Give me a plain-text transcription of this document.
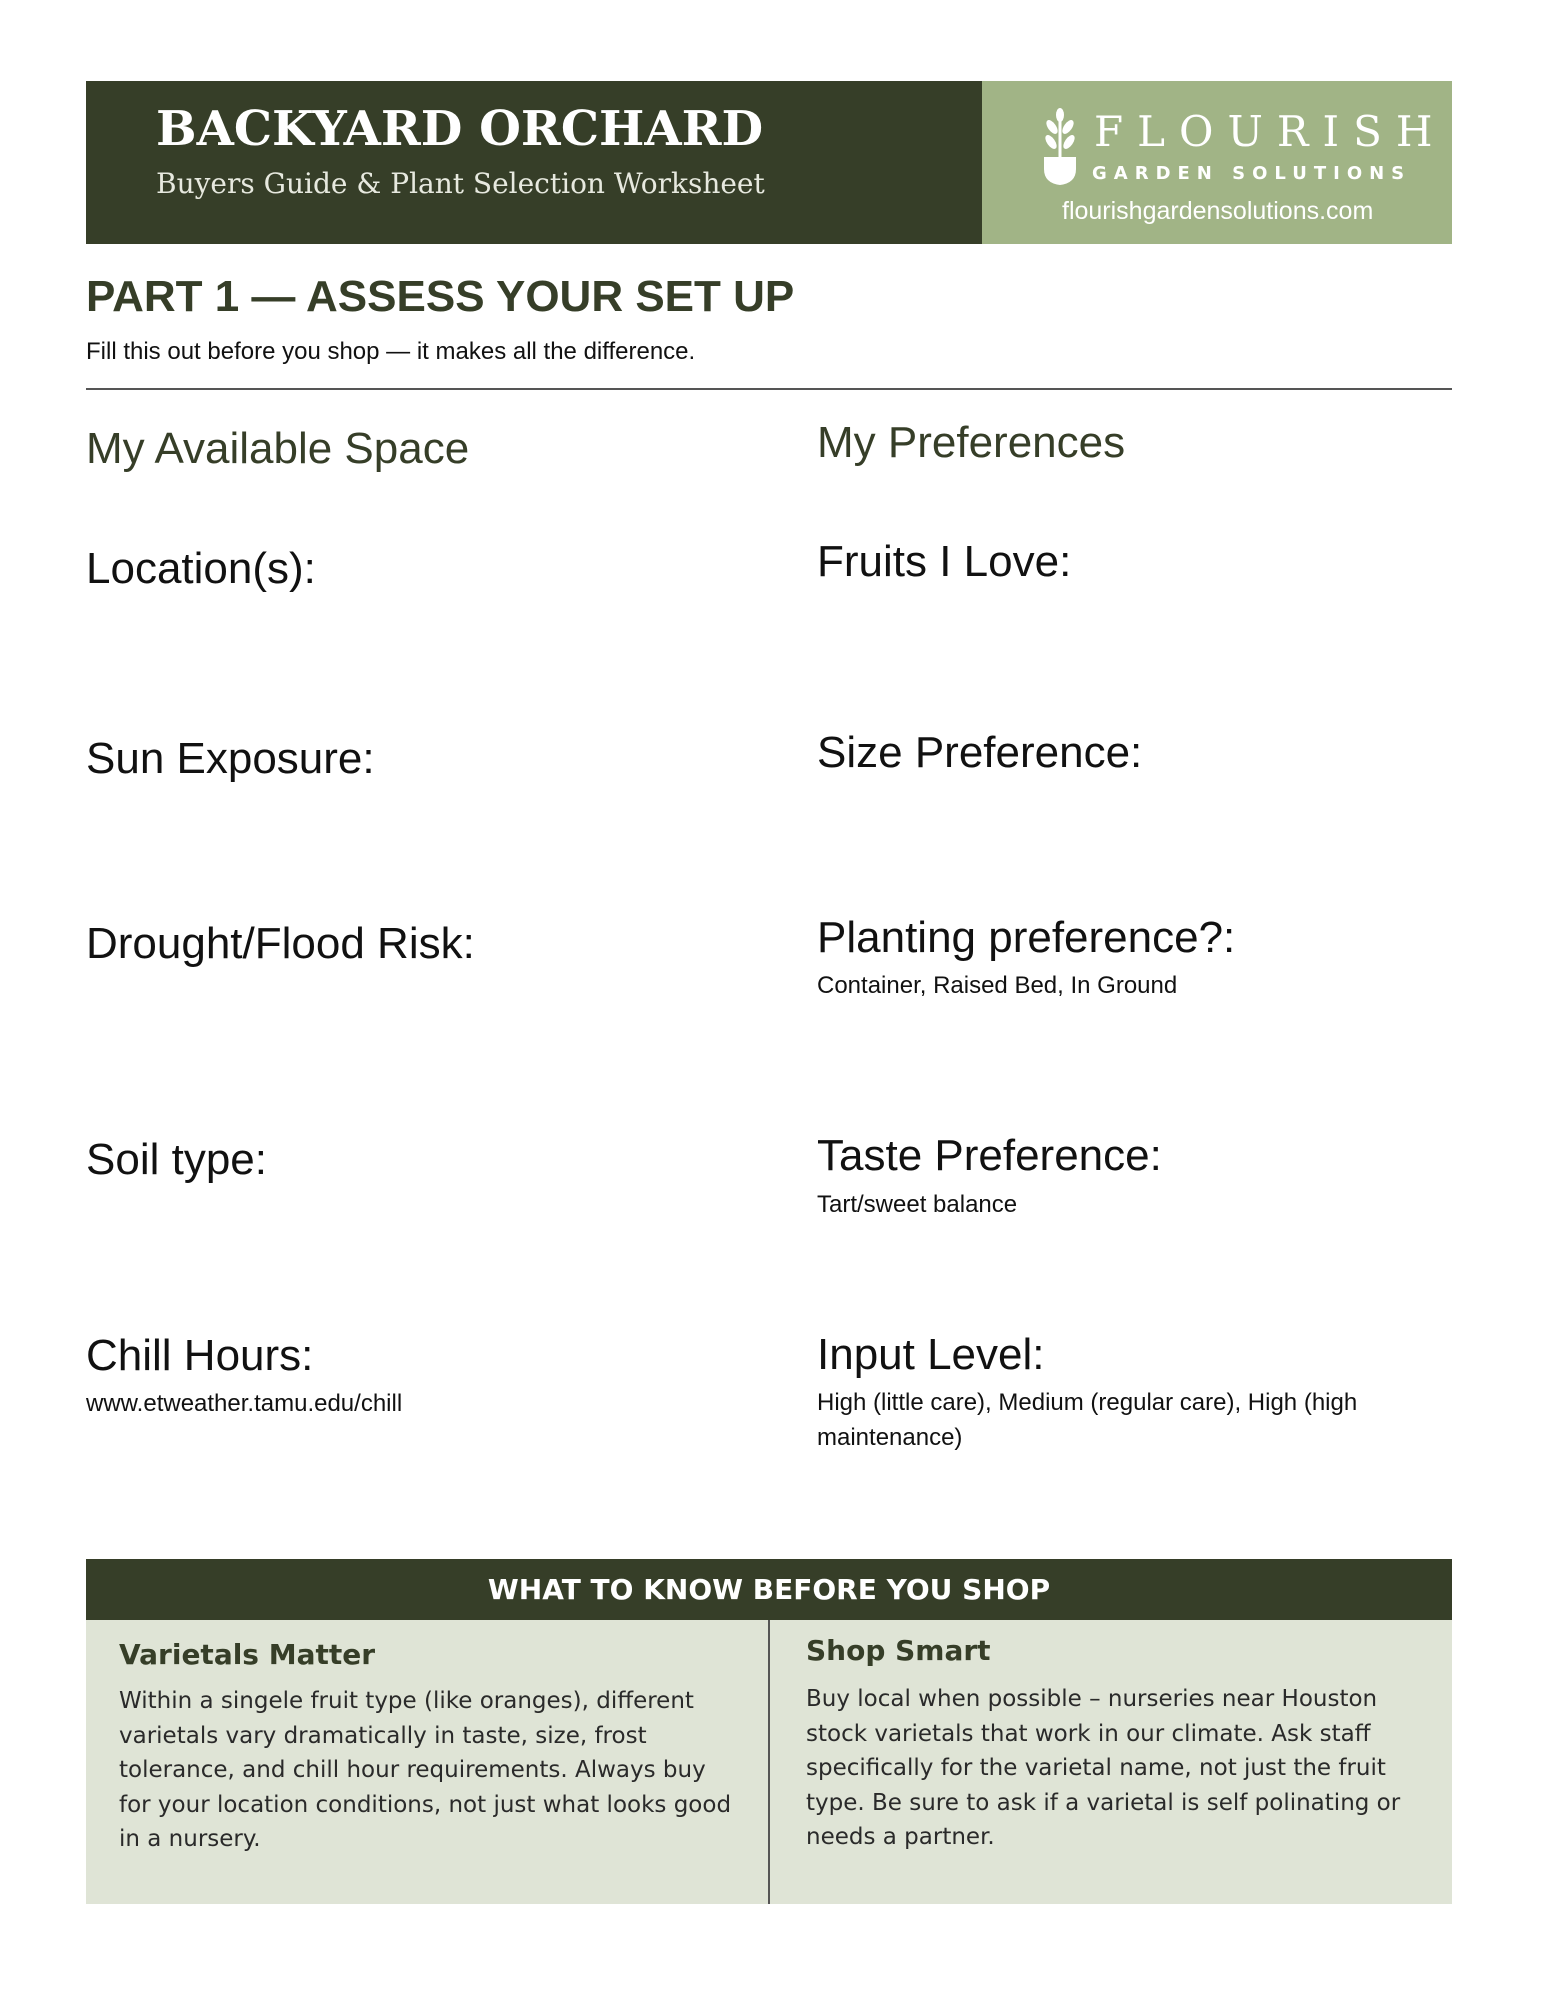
BACKYARD ORCHARD
Buyers Guide & Plant Selection Worksheet
FLOURISH
GARDEN SOLUTIONS
flourishgardensolutions.com
PART 1 — ASSESS YOUR SET UP
Fill this out before you shop — it makes all the difference.
My Available Space
Location(s):
Sun Exposure:
Drought/Flood Risk:
Soil type:
Chill Hours:
www.etweather.tamu.edu/chill
My Preferences
Fruits I Love:
Size Preference:
Planting preference?:
Container, Raised Bed, In Ground
Taste Preference:
Tart/sweet balance
Input Level:
High (little care), Medium (regular care), High (high maintenance)
WHAT TO KNOW BEFORE YOU SHOP
Varietals Matter
Within a singele fruit type (like oranges), different varietals vary dramatically in taste, size, frost tolerance, and chill hour requirements. Always buy for your location conditions, not just what looks good in a nursery.
Shop Smart
Buy local when possible – nurseries near Houston stock varietals that work in our climate. Ask staff specifically for the varietal name, not just the fruit type. Be sure to ask if a varietal is self polinating or needs a partner.
